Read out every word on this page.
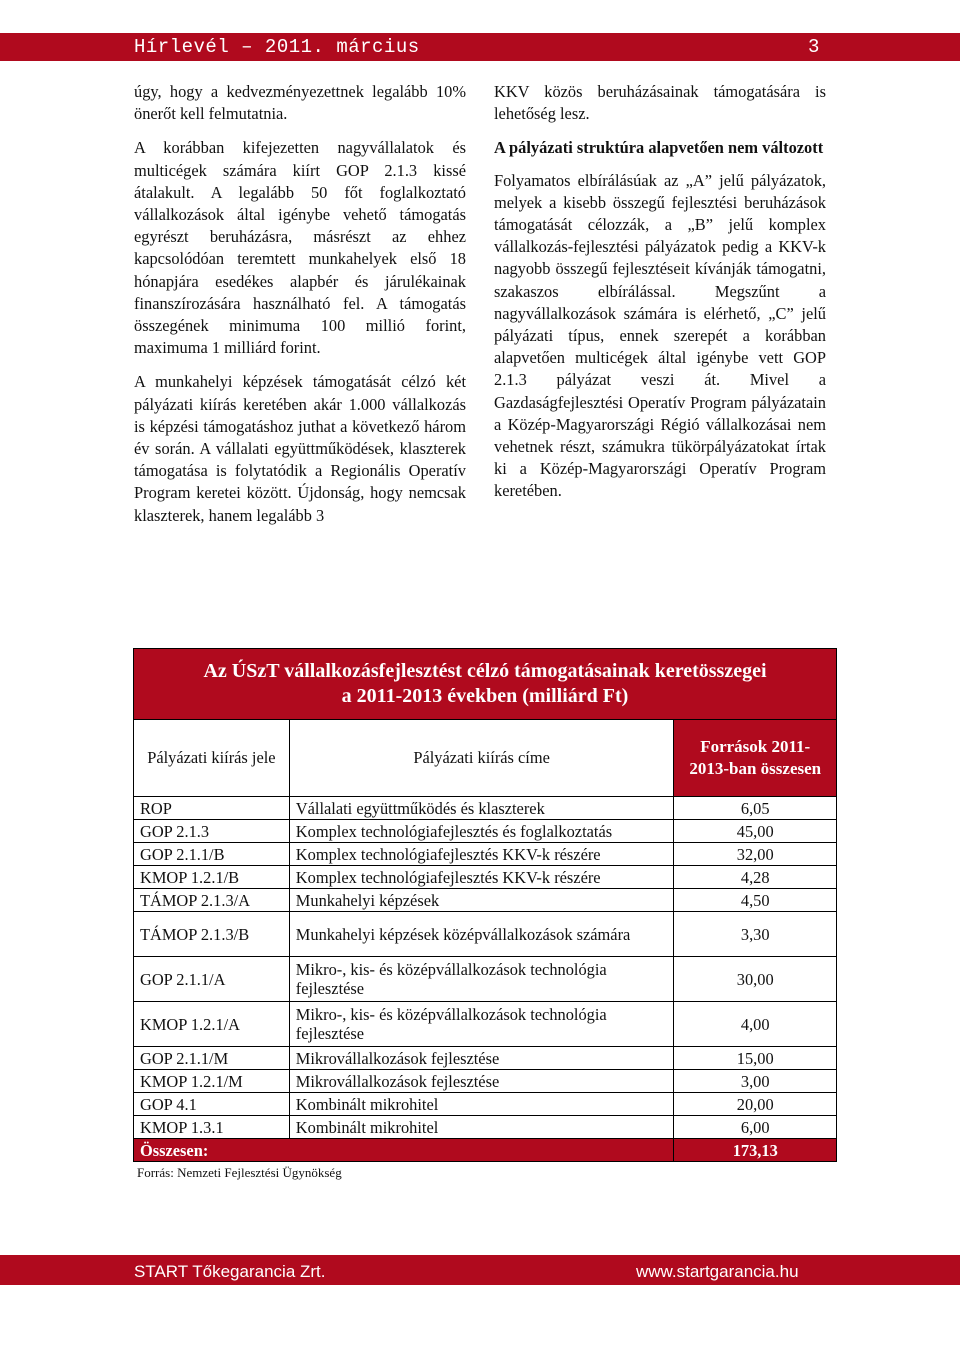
Hírlevél – 2011. március	3

úgy, hogy a kedvezményezettnek legalább 10% önerőt kell felmutatnia.

A korábban kifejezetten nagyvállalatok és multicégek számára kiírt GOP 2.1.3 kissé átalakult. A legalább 50 főt foglalkoztató vállalkozások által igénybe vehető támogatás egyrészt beruházásra, másrészt az ehhez kapcsolódóan teremtett munkahelyek első 18 hónapjára esedékes alapbér és járulékainak finanszírozására használható fel. A támogatás összegének minimuma 100 millió forint, maximuma 1 milliárd forint.

A munkahelyi képzések támogatását célzó két pályázati kiírás keretében akár 1.000 vállalkozás is képzési támogatáshoz juthat a következő három év során. A vállalati együttműködések, klaszterek támogatása is folytatódik a Regionális Operatív Program keretei között. Újdonság, hogy nemcsak klaszterek, hanem legalább 3

KKV közös beruházásainak támogatására is lehetőség lesz.

A pályázati struktúra alapvetően nem változott

Folyamatos elbírálásúak az „A” jelű pályázatok, melyek a kisebb összegű fejlesztési beruházások támogatását célozzák, a „B” jelű komplex vállalkozás-fejlesztési pályázatok pedig a KKV-k nagyobb összegű fejlesztéseit kívánják támogatni, szakaszos elbírálással. Megszűnt a nagyvállalkozások számára is elérhető, „C” jelű pályázati típus, ennek szerepét a korábban alapvetően multicégek által igénybe vett GOP 2.1.3 pályázat veszi át. Mivel a Gazdaságfejlesztési Operatív Program pályázatain a Közép-Magyarországi Régió vállalkozásai nem vehetnek részt, számukra tükörpályázatokat írtak ki a Közép-Magyarországi Operatív Program keretében.

Az ÚSzT vállalkozásfejlesztést célzó támogatásainak keretösszegei
a 2011-2013 években (milliárd Ft)		
Pályázati kiírás jele	Pályázati kiírás címe	Források 2011-2013-ban összesen
ROP	Vállalati együttműködés és klaszterek	6,05
GOP 2.1.3	Komplex technológiafejlesztés és foglalkoztatás	45,00
GOP 2.1.1/B	Komplex technológiafejlesztés KKV-k részére	32,00
KMOP 1.2.1/B	Komplex technológiafejlesztés KKV-k részére	4,28
TÁMOP 2.1.3/A	Munkahelyi képzések	4,50
TÁMOP 2.1.3/B	Munkahelyi képzések középvállalkozások számára	3,30
GOP 2.1.1/A	Mikro-, kis- és középvállalkozások technológia fejlesztése	30,00
KMOP 1.2.1/A	Mikro-, kis- és középvállalkozások technológia fejlesztése	4,00
GOP 2.1.1/M	Mikrovállalkozások fejlesztése	15,00
KMOP 1.2.1/M	Mikrovállalkozások fejlesztése	3,00
GOP 4.1	Kombinált mikrohitel	20,00
KMOP 1.3.1	Kombinált mikrohitel	6,00
Összesen:		173,13
Forrás: Nemzeti Fejlesztési Ügynökség
START Tőkegarancia Zrt.	www.startgarancia.hu
